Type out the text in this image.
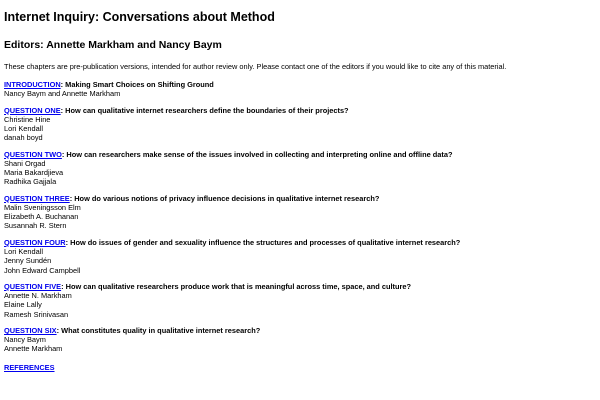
Internet Inquiry: Conversations about Method
Editors: Annette Markham and Nancy Baym
These chapters are pre-publication versions, intended for author review only. Please contact one of the editors if you would like to cite any of this material.
INTRODUCTION: Making Smart Choices on Shifting Ground
Nancy Baym and Annette Markham
QUESTION ONE: How can qualitative internet researchers define the boundaries of their projects?
Christine Hine
Lori Kendall
danah boyd
QUESTION TWO: How can researchers make sense of the issues involved in collecting and interpreting online and offline data?
Shani Orgad
Maria Bakardjieva
Radhika Gajjala
QUESTION THREE: How do various notions of privacy influence decisions in qualitative internet research?
Malin Sveningsson Elm
Elizabeth A. Buchanan
Susannah R. Stern
QUESTION FOUR: How do issues of gender and sexuality influence the structures and processes of qualitative internet research?
Lori Kendall
Jenny Sundén
John Edward Campbell
QUESTION FIVE: How can qualitative researchers produce work that is meaningful across time, space, and culture?
Annette N. Markham
Elaine Lally
Ramesh Srinivasan
QUESTION SIX: What constitutes quality in qualitative internet research?
Nancy Baym
Annette Markham
REFERENCES
